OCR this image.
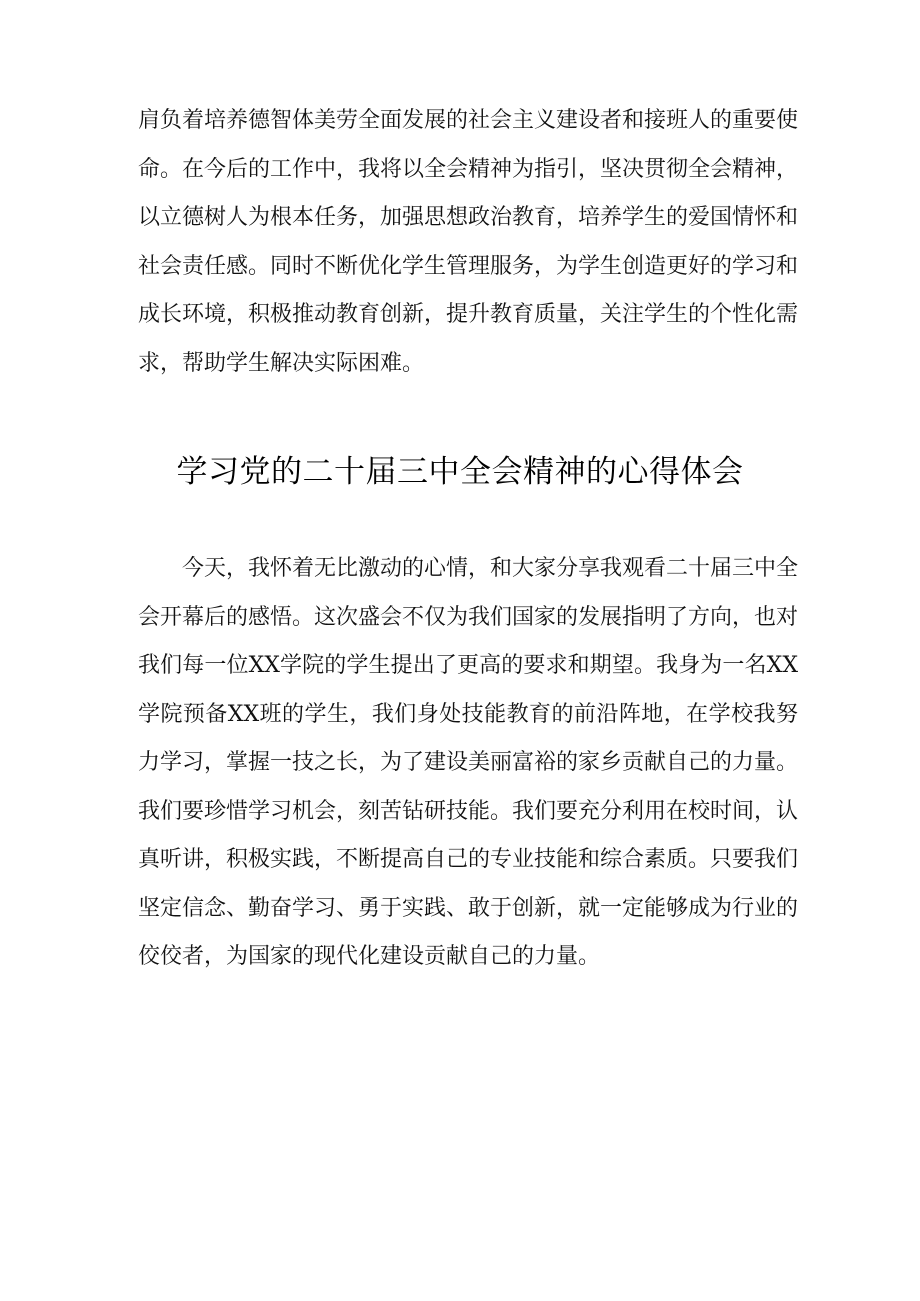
肩负着培养德智体美劳全面发展的社会主义建设者和接班人的重要使命。在今后的工作中，我将以全会精神为指引，坚决贯彻全会精神，以立德树人为根本任务，加强思想政治教育，培养学生的爱国情怀和社会责任感。同时不断优化学生管理服务，为学生创造更好的学习和成长环境，积极推动教育创新，提升教育质量，关注学生的个性化需求，帮助学生解决实际困难。

学习党的二十届三中全会精神的心得体会

今天，我怀着无比激动的心情，和大家分享我观看二十届三中全会开幕后的感悟。这次盛会不仅为我们国家的发展指明了方向，也对我们每一位XX学院的学生提出了更高的要求和期望。我身为一名XX学院预备XX班的学生，我们身处技能教育的前沿阵地，在学校我努力学习，掌握一技之长，为了建设美丽富裕的家乡贡献自己的力量。我们要珍惜学习机会，刻苦钻研技能。我们要充分利用在校时间，认真听讲，积极实践，不断提高自己的专业技能和综合素质。只要我们坚定信念、勤奋学习、勇于实践、敢于创新，就一定能够成为行业的佼佼者，为国家的现代化建设贡献自己的力量。
